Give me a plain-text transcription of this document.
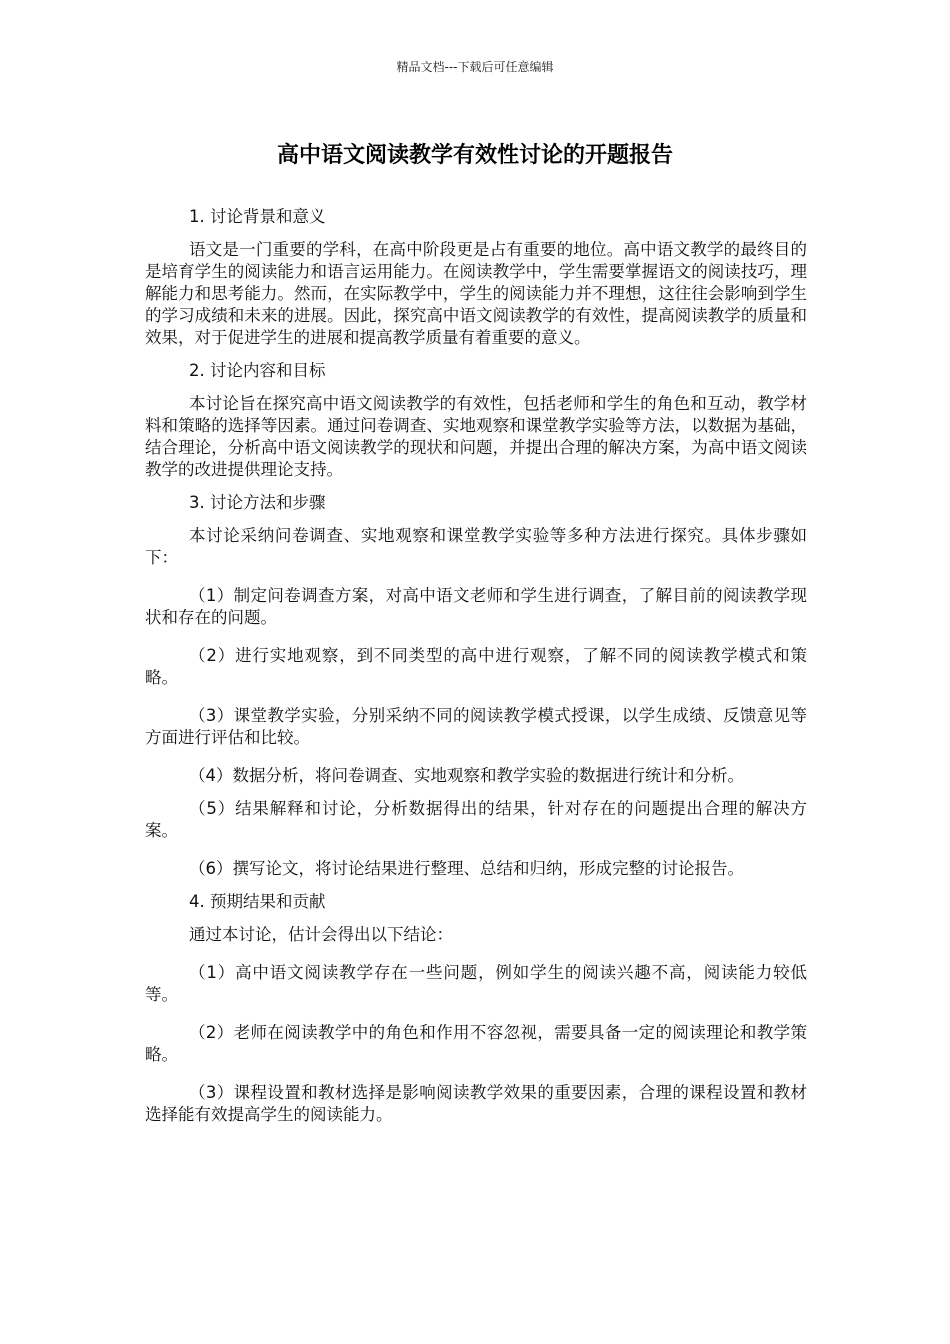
精品文档---下载后可任意编辑
高中语文阅读教学有效性讨论的开题报告

1. 讨论背景和意义

语文是一门重要的学科，在高中阶段更是占有重要的地位。高中语文教学的最终目的是培育学生的阅读能力和语言运用能力。在阅读教学中，学生需要掌握语文的阅读技巧，理解能力和思考能力。然而，在实际教学中，学生的阅读能力并不理想，这往往会影响到学生的学习成绩和未来的进展。因此，探究高中语文阅读教学的有效性，提高阅读教学的质量和效果，对于促进学生的进展和提高教学质量有着重要的意义。

2. 讨论内容和目标

本讨论旨在探究高中语文阅读教学的有效性，包括老师和学生的角色和互动，教学材料和策略的选择等因素。通过问卷调查、实地观察和课堂教学实验等方法，以数据为基础，结合理论，分析高中语文阅读教学的现状和问题，并提出合理的解决方案，为高中语文阅读教学的改进提供理论支持。

3. 讨论方法和步骤

本讨论采纳问卷调查、实地观察和课堂教学实验等多种方法进行探究。具体步骤如下：

（1）制定问卷调查方案，对高中语文老师和学生进行调查，了解目前的阅读教学现状和存在的问题。

（2）进行实地观察，到不同类型的高中进行观察，了解不同的阅读教学模式和策略。

（3）课堂教学实验，分别采纳不同的阅读教学模式授课，以学生成绩、反馈意见等方面进行评估和比较。

（4）数据分析，将问卷调查、实地观察和教学实验的数据进行统计和分析。

（5）结果解释和讨论，分析数据得出的结果，针对存在的问题提出合理的解决方案。

（6）撰写论文，将讨论结果进行整理、总结和归纳，形成完整的讨论报告。

4. 预期结果和贡献

通过本讨论，估计会得出以下结论：

（1）高中语文阅读教学存在一些问题，例如学生的阅读兴趣不高，阅读能力较低等。

（2）老师在阅读教学中的角色和作用不容忽视，需要具备一定的阅读理论和教学策略。

（3）课程设置和教材选择是影响阅读教学效果的重要因素，合理的课程设置和教材选择能有效提高学生的阅读能力。
